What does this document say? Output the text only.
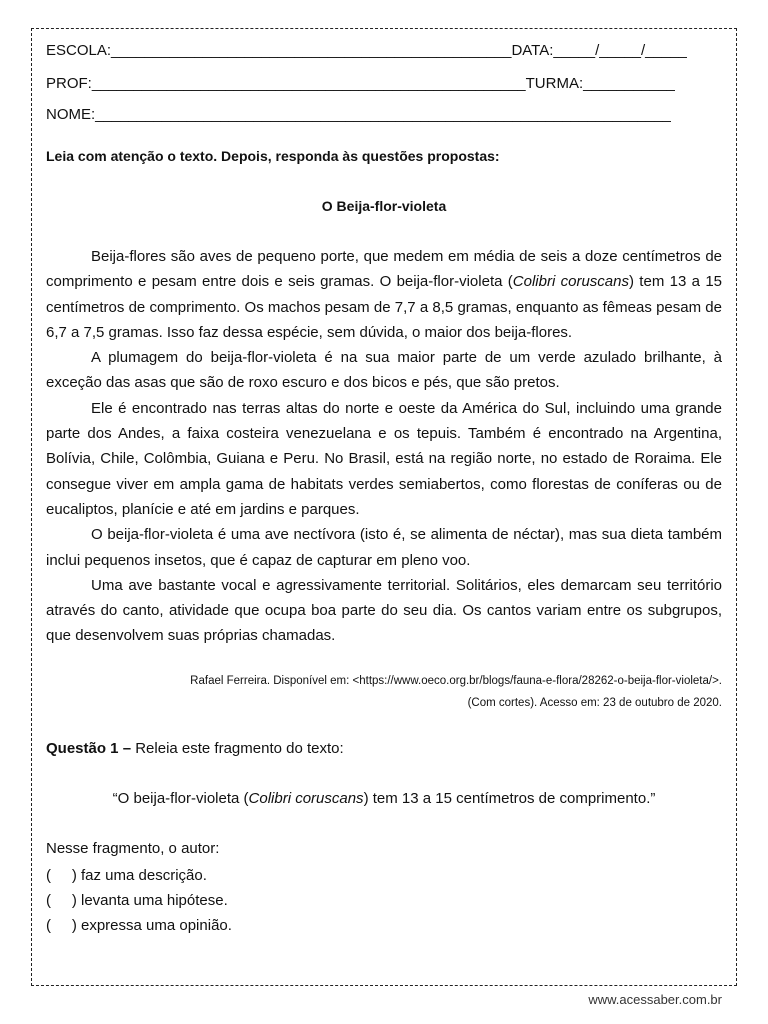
ESCOLA:________________________________________________DATA:_____/_____/_____
PROF:____________________________________________________TURMA:___________
NOME:_____________________________________________________________________
Leia com atenção o texto. Depois, responda às questões propostas:
O Beija-flor-violeta

Beija-flores são aves de pequeno porte, que medem em média de seis a doze centímetros de comprimento e pesam entre dois e seis gramas. O beija-flor-violeta (Colibri coruscans) tem 13 a 15 centímetros de comprimento. Os machos pesam de 7,7 a 8,5 gramas, enquanto as fêmeas pesam de 6,7 a 7,5 gramas. Isso faz dessa espécie, sem dúvida, o maior dos beija-flores.

A plumagem do beija-flor-violeta é na sua maior parte de um verde azulado brilhante, à exceção das asas que são de roxo escuro e dos bicos e pés, que são pretos.

Ele é encontrado nas terras altas do norte e oeste da América do Sul, incluindo uma grande parte dos Andes, a faixa costeira venezuelana e os tepuis. Também é encontrado na Argentina, Bolívia, Chile, Colômbia, Guiana e Peru. No Brasil, está na região norte, no estado de Roraima. Ele consegue viver em ampla gama de habitats verdes semiabertos, como florestas de coníferas ou de eucaliptos, planície e até em jardins e parques.

O beija-flor-violeta é uma ave nectívora (isto é, se alimenta de néctar), mas sua dieta também inclui pequenos insetos, que é capaz de capturar em pleno voo.

Uma ave bastante vocal e agressivamente territorial. Solitários, eles demarcam seu território através do canto, atividade que ocupa boa parte do seu dia. Os cantos variam entre os subgrupos, que desenvolvem suas próprias chamadas.

Rafael Ferreira. Disponível em: <https://www.oeco.org.br/blogs/fauna-e-flora/28262-o-beija-flor-violeta/>.
(Com cortes). Acesso em: 23 de outubro de 2020.
Questão 1 – Releia este fragmento do texto:
“O beija-flor-violeta (Colibri coruscans) tem 13 a 15 centímetros de comprimento.”
Nesse fragmento, o autor:
(     ) faz uma descrição.
(     ) levanta uma hipótese.
(     ) expressa uma opinião.
www.acessaber.com.br
